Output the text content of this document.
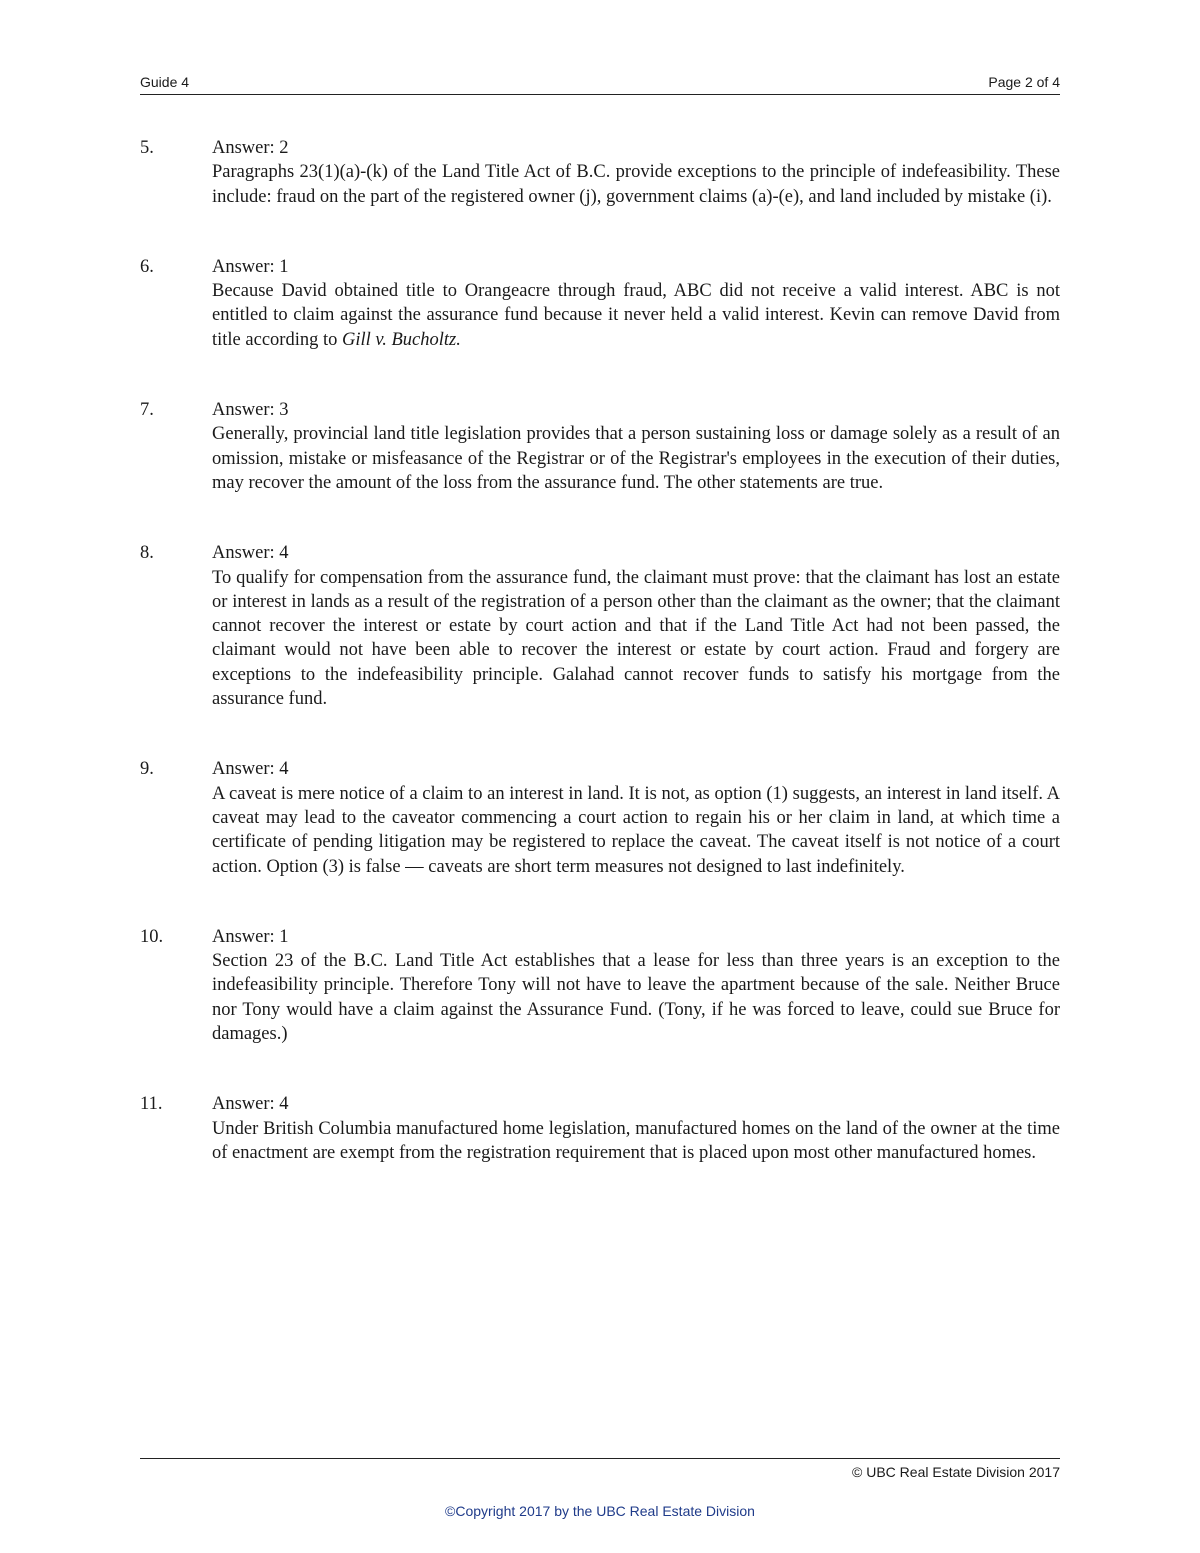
Guide 4	Page 2 of 4
5.	Answer: 2
Paragraphs 23(1)(a)-(k) of the Land Title Act of B.C. provide exceptions to the principle of indefeasibility. These include: fraud on the part of the registered owner (j), government claims (a)-(e), and land included by mistake (i).
6.	Answer: 1
Because David obtained title to Orangeacre through fraud, ABC did not receive a valid interest. ABC is not entitled to claim against the assurance fund because it never held a valid interest. Kevin can remove David from title according to Gill v. Bucholtz.
7.	Answer: 3
Generally, provincial land title legislation provides that a person sustaining loss or damage solely as a result of an omission, mistake or misfeasance of the Registrar or of the Registrar's employees in the execution of their duties, may recover the amount of the loss from the assurance fund. The other statements are true.
8.	Answer: 4
To qualify for compensation from the assurance fund, the claimant must prove: that the claimant has lost an estate or interest in lands as a result of the registration of a person other than the claimant as the owner; that the claimant cannot recover the interest or estate by court action and that if the Land Title Act had not been passed, the claimant would not have been able to recover the interest or estate by court action. Fraud and forgery are exceptions to the indefeasibility principle. Galahad cannot recover funds to satisfy his mortgage from the assurance fund.
9.	Answer: 4
A caveat is mere notice of a claim to an interest in land. It is not, as option (1) suggests, an interest in land itself. A caveat may lead to the caveator commencing a court action to regain his or her claim in land, at which time a certificate of pending litigation may be registered to replace the caveat. The caveat itself is not notice of a court action. Option (3) is false — caveats are short term measures not designed to last indefinitely.
10.	Answer: 1
Section 23 of the B.C. Land Title Act establishes that a lease for less than three years is an exception to the indefeasibility principle. Therefore Tony will not have to leave the apartment because of the sale. Neither Bruce nor Tony would have a claim against the Assurance Fund. (Tony, if he was forced to leave, could sue Bruce for damages.)
11.	Answer: 4
Under British Columbia manufactured home legislation, manufactured homes on the land of the owner at the time of enactment are exempt from the registration requirement that is placed upon most other manufactured homes.
© UBC Real Estate Division 2017
©Copyright 2017 by the UBC Real Estate Division
